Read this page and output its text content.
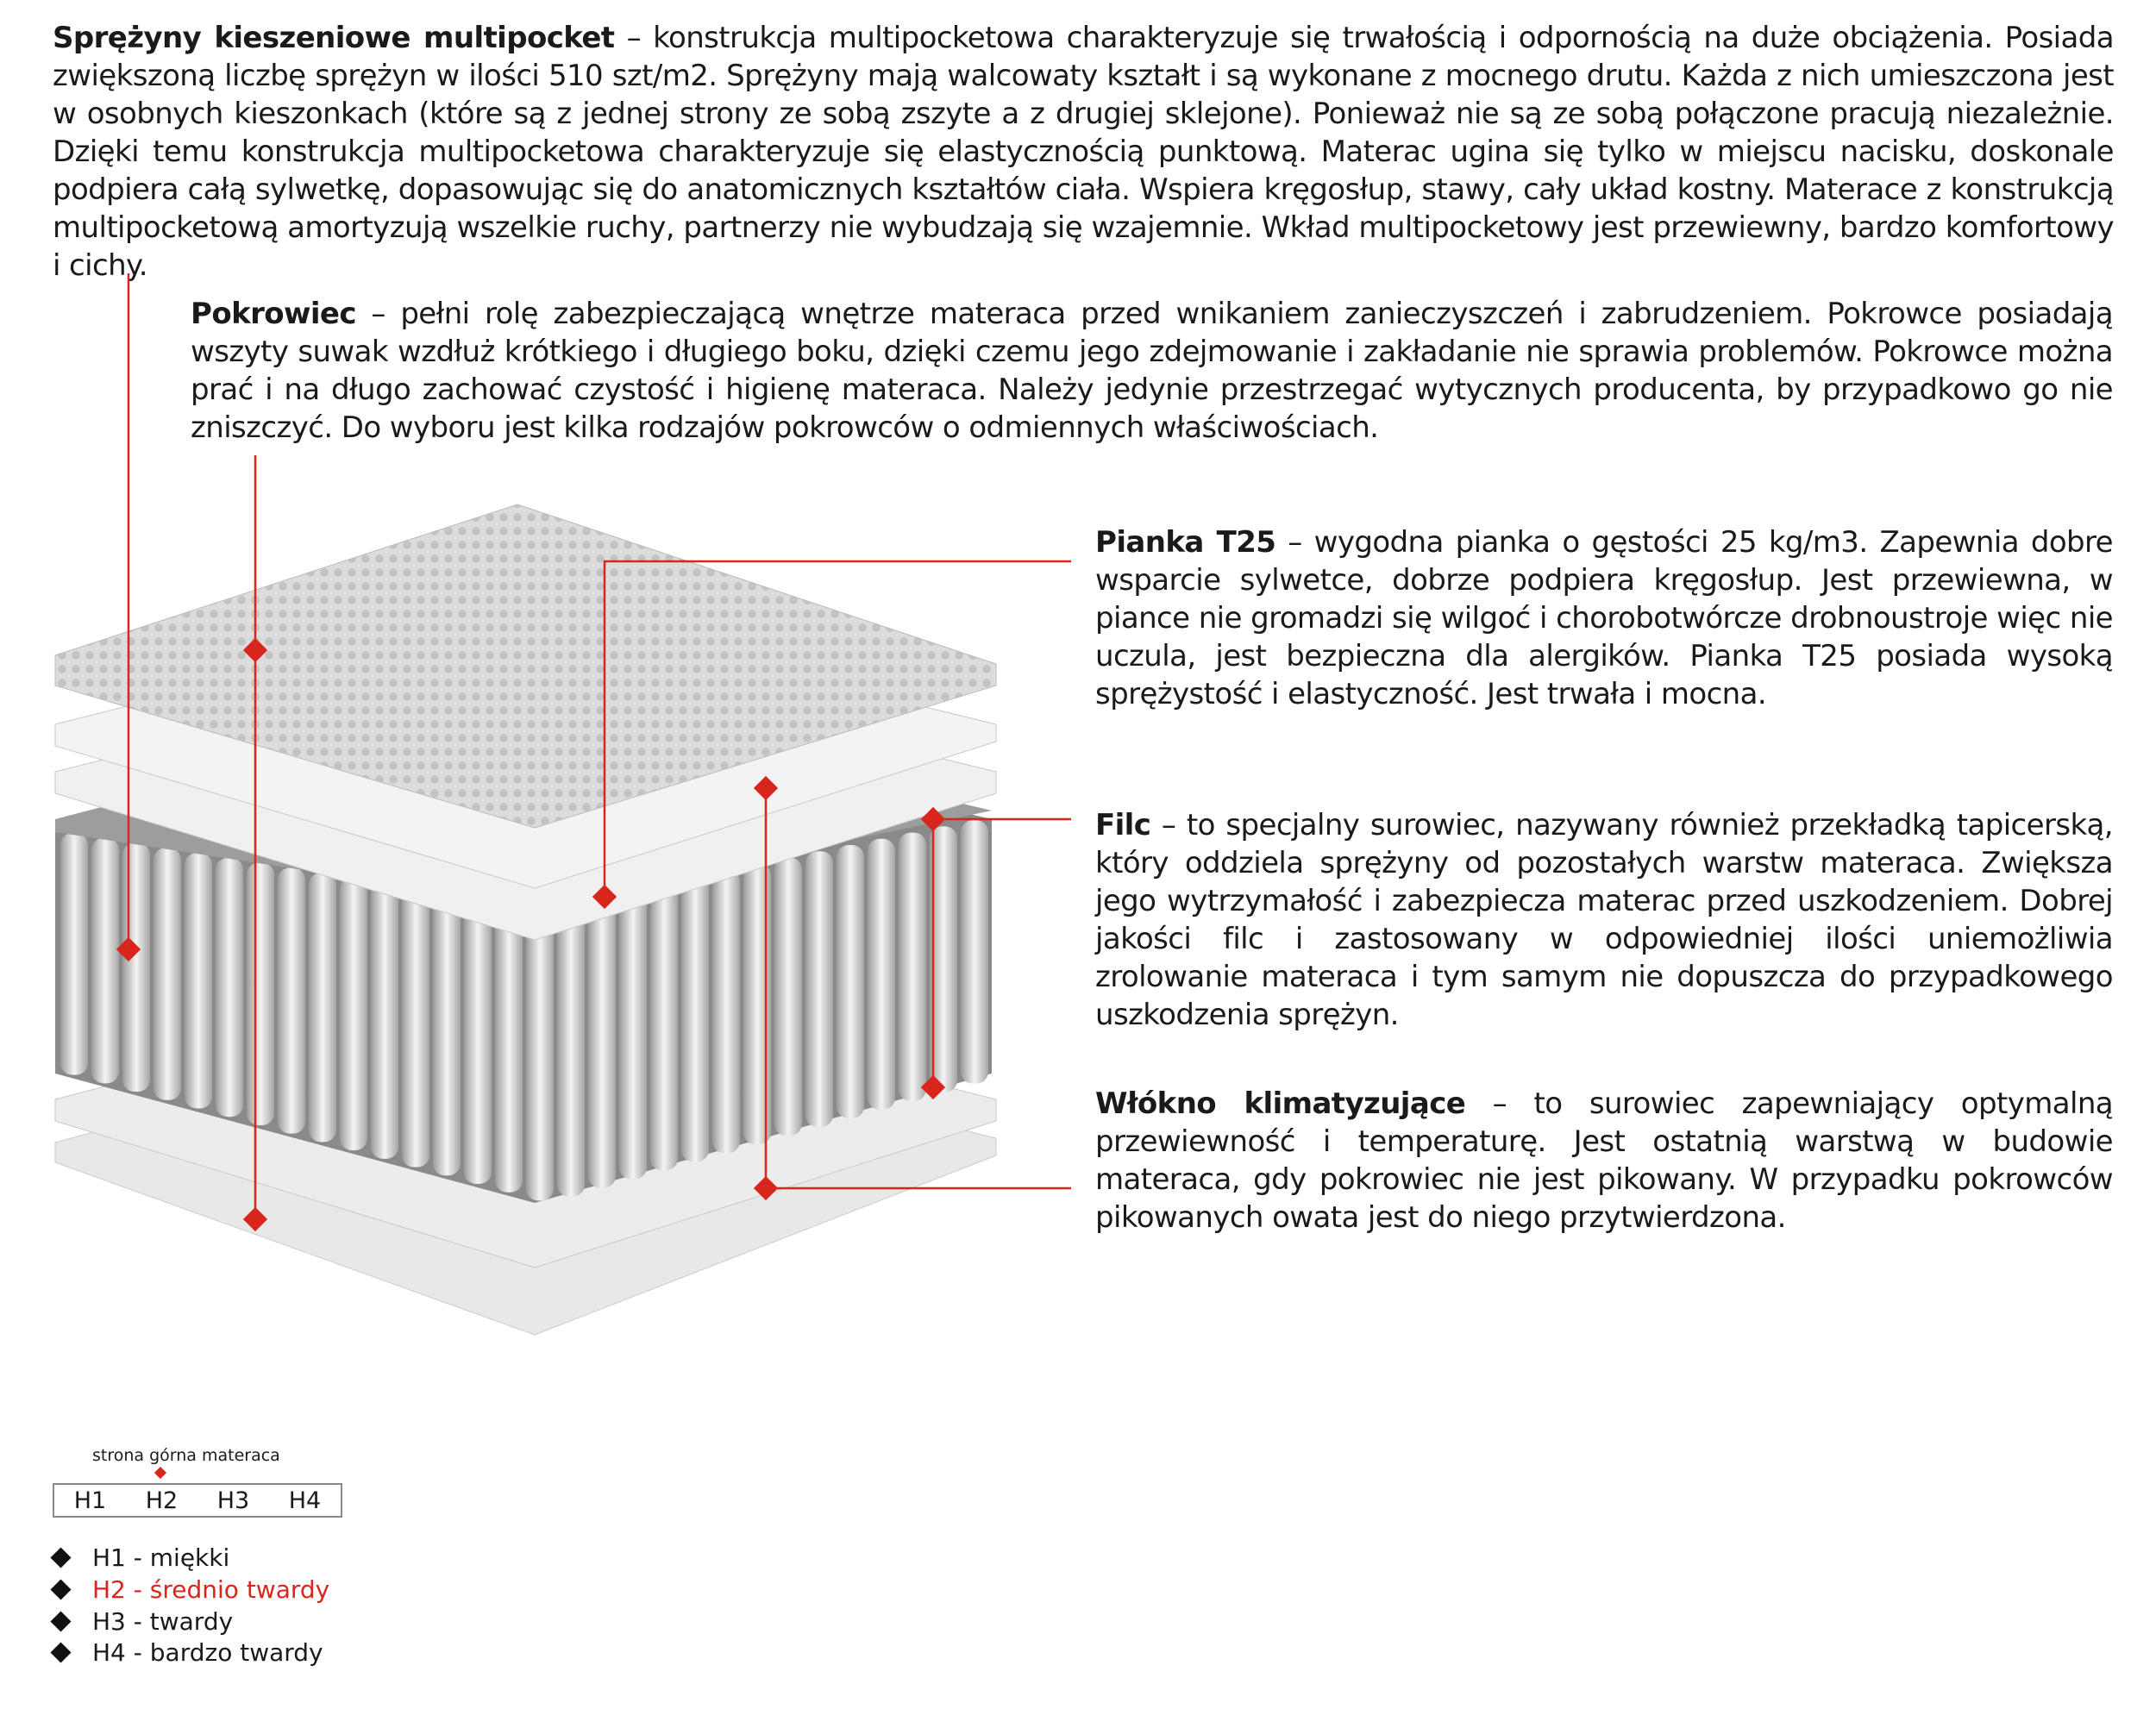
Sprężyny kieszeniowe multipocket – konstrukcja multipocketowa charakteryzuje się trwałością i odpornością na duże obciążenia. Posiada zwiększoną liczbę sprężyn w ilości 510 szt/m2. Sprężyny mają walcowaty kształt i są wykonane z mocnego drutu. Każda z nich umieszczona jest w osobnych kieszonkach (które są z jednej strony ze sobą zszyte a z drugiej sklejone). Ponieważ nie są ze sobą połączone pracują niezależnie. Dzięki temu konstrukcja multipocketowa charakteryzuje się elastycznością punktową. Materac ugina się tylko w miejscu nacisku, doskonale podpiera całą sylwetkę, dopasowując się do anatomicznych kształtów ciała. Wspiera kręgosłup, stawy, cały układ kostny. Materace z konstrukcją multipocketową amortyzują wszelkie ruchy, partnerzy nie wybudzają się wzajemnie. Wkład multipocketowy jest przewiewny, bardzo komfortowy i cichy.
Pokrowiec – pełni rolę zabezpieczającą wnętrze materaca przed wnikaniem zanieczyszczeń i zabrudzeniem. Pokrowce posiadają wszyty suwak wzdłuż krótkiego i długiego boku, dzięki czemu jego zdejmowanie i zakładanie nie sprawia problemów. Pokrowce można prać i na długo zachować czystość i higienę materaca. Należy jedynie przestrzegać wytycznych producenta, by przypadkowo go nie zniszczyć. Do wyboru jest kilka rodzajów pokrowców o odmiennych właściwościach.
Pianka T25 – wygodna pianka o gęstości 25 kg/m3. Zapewnia dobre wsparcie sylwetce, dobrze podpiera kręgosłup. Jest przewiewna, w piance nie gromadzi się wilgoć i chorobotwórcze drobnoustroje więc nie uczula, jest bezpieczna dla alergików. Pianka T25 posiada wysoką sprężystość i elastyczność. Jest trwała i mocna.
Filc – to specjalny surowiec, nazywany również przekładką tapicerską, który oddziela sprężyny od pozostałych warstw materaca. Zwiększa jego wytrzymałość i zabezpiecza materac przed uszkodzeniem. Dobrej jakości filc i zastosowany w odpowiedniej ilości uniemożliwia zrolowanie materaca i tym samym nie dopuszcza do przypadkowego uszkodzenia sprężyn.
Włókno klimatyzujące – to surowiec zapewniający optymalną przewiewność i temperaturę. Jest ostatnią warstwą w budowie materaca, gdy pokrowiec nie jest pikowany. W przypadku pokrowców pikowanych owata jest do niego przytwierdzona.
strona górna materaca
H1 H2 H3 H4
H1 - miękki
H2 - średnio twardy
H3 - twardy
H4 - bardzo twardy
